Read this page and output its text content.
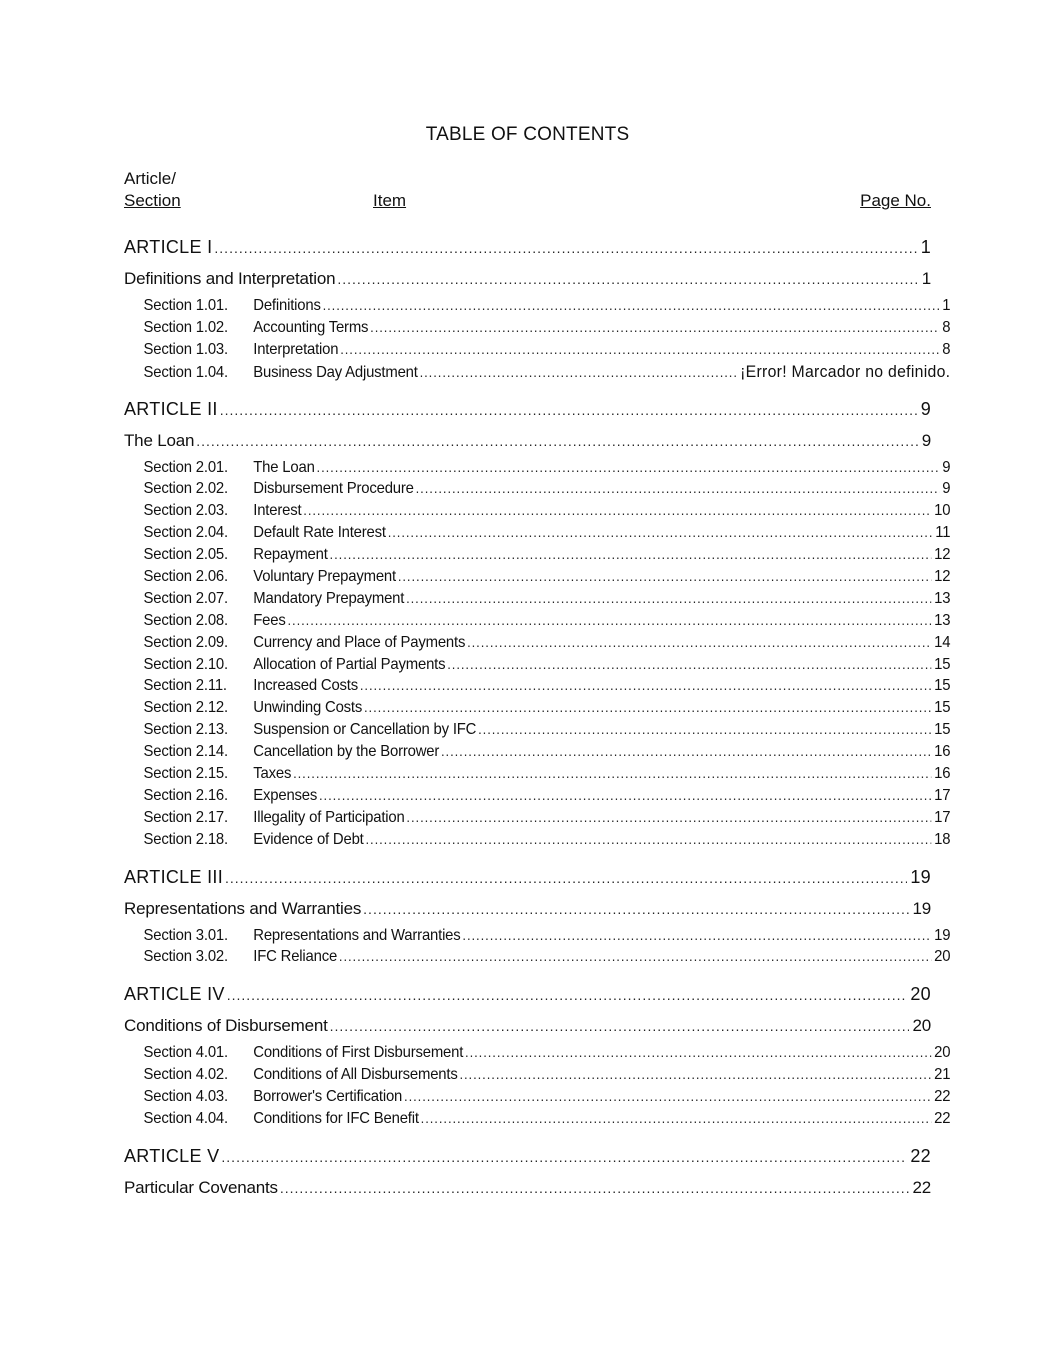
TABLE OF CONTENTS
Article/
Section	Item	Page No.
ARTICLE I .....	1
Definitions and Interpretation .....	1
Section 1.01.	Definitions .....	1
Section 1.02.	Accounting Terms .....	8
Section 1.03.	Interpretation .....	8
Section 1.04.	Business Day Adjustment .....	¡Error! Marcador no definido.
ARTICLE II .....	9
The Loan .....	9
Section 2.01.	The Loan .....	9
Section 2.02.	Disbursement Procedure .....	9
Section 2.03.	Interest .....	10
Section 2.04.	Default Rate Interest .....	11
Section 2.05.	Repayment .....	12
Section 2.06.	Voluntary Prepayment .....	12
Section 2.07.	Mandatory Prepayment .....	13
Section 2.08.	Fees .....	13
Section 2.09.	Currency and Place of Payments .....	14
Section 2.10.	Allocation of Partial Payments .....	15
Section 2.11.	Increased Costs .....	15
Section 2.12.	Unwinding Costs .....	15
Section 2.13.	Suspension or Cancellation by IFC .....	15
Section 2.14.	Cancellation by the Borrower .....	16
Section 2.15.	Taxes .....	16
Section 2.16.	Expenses .....	17
Section 2.17.	Illegality of Participation .....	17
Section 2.18.	Evidence of Debt .....	18
ARTICLE III .....	19
Representations and Warranties .....	19
Section 3.01.	Representations and Warranties .....	19
Section 3.02.	IFC Reliance .....	20
ARTICLE IV .....	20
Conditions of Disbursement .....	20
Section 4.01.	Conditions of First Disbursement .....	20
Section 4.02.	Conditions of All Disbursements .....	21
Section 4.03.	Borrower's Certification .....	22
Section 4.04.	Conditions for IFC Benefit .....	22
ARTICLE V .....	22
Particular Covenants .....	22
